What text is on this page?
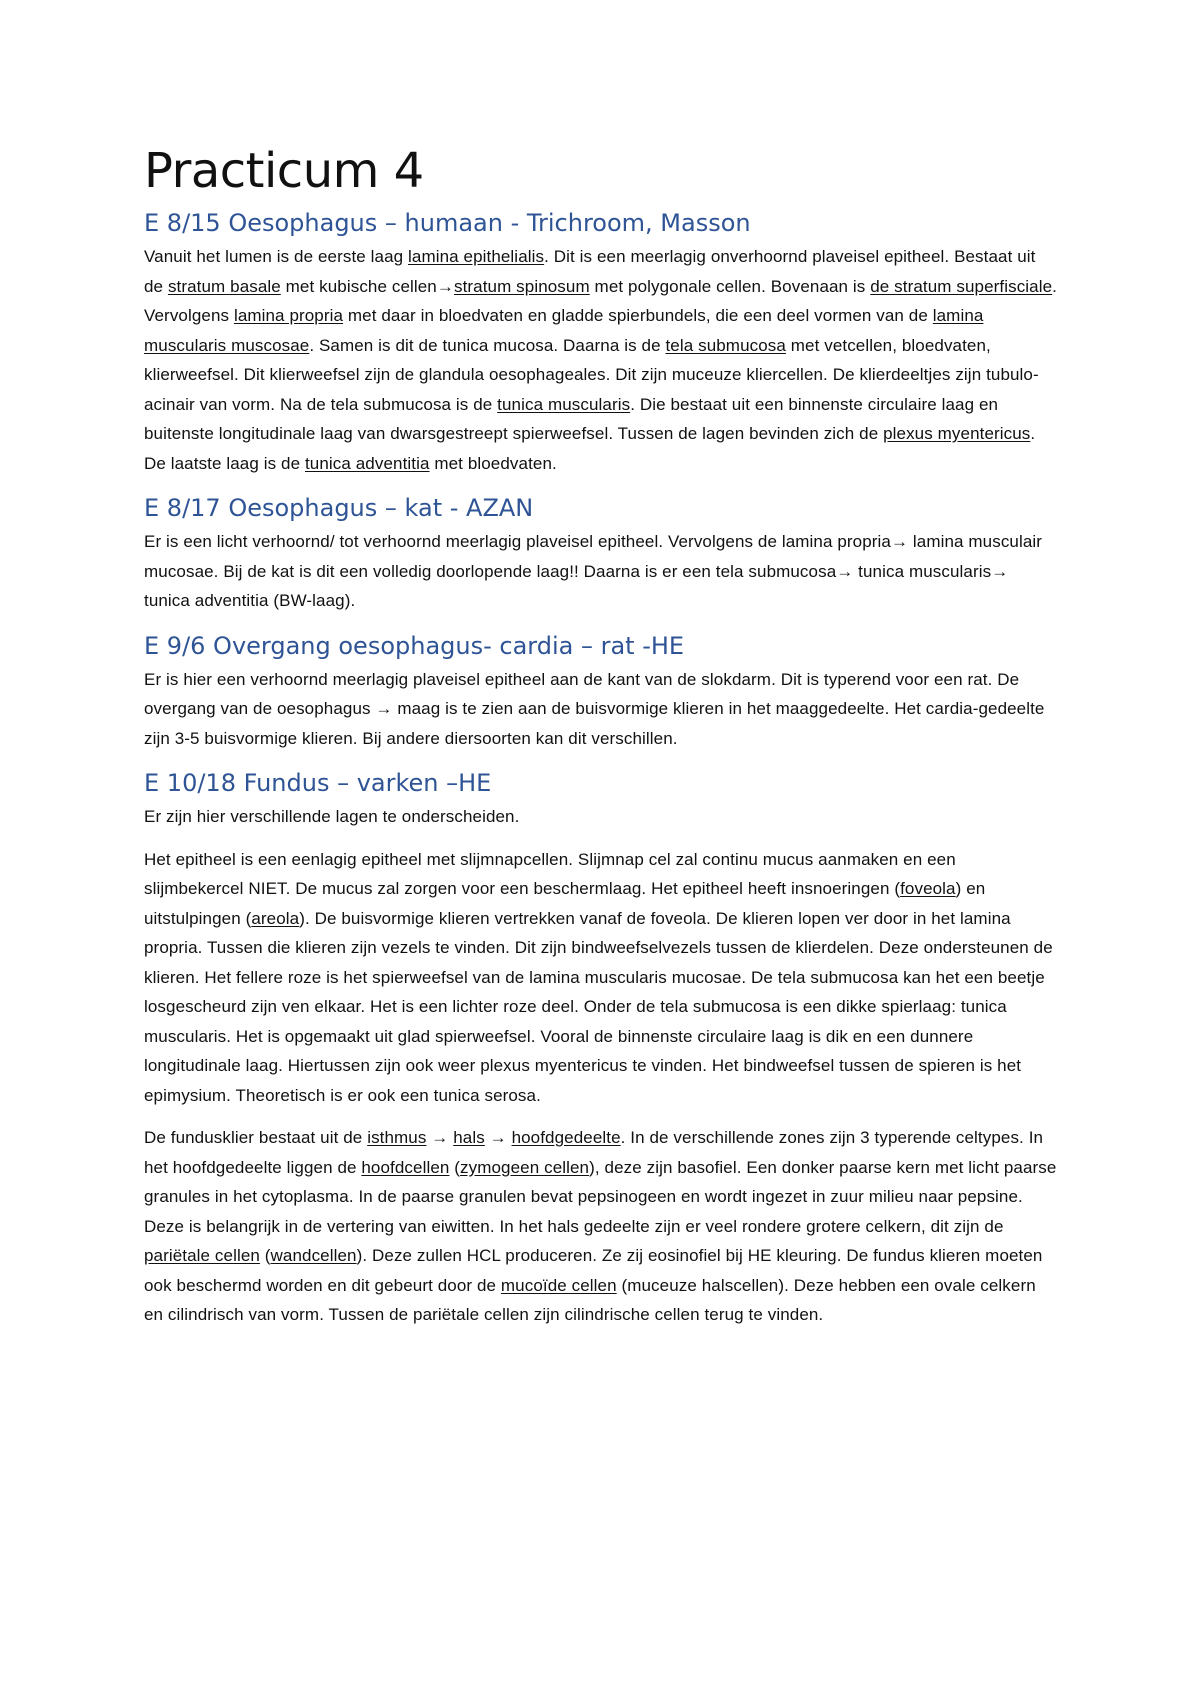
Practicum 4
E 8/15 Oesophagus – humaan - Trichroom, Masson

Vanuit het lumen is de eerste laag lamina epithelialis. Dit is een meerlagig onverhoornd plaveisel epitheel. Bestaat uit de stratum basale met kubische cellen→stratum spinosum met polygonale cellen. Bovenaan is de stratum superfisciale. Vervolgens lamina propria met daar in bloedvaten en gladde spierbundels, die een deel vormen van de lamina muscularis muscosae. Samen is dit de tunica mucosa. Daarna is de tela submucosa met vetcellen, bloedvaten, klierweefsel. Dit klierweefsel zijn de glandula oesophageales. Dit zijn muceuze kliercellen. De klierdeeltjes zijn tubulo-acinair van vorm. Na de tela submucosa is de tunica muscularis. Die bestaat uit een binnenste circulaire laag en buitenste longitudinale laag van dwarsgestreept spierweefsel. Tussen de lagen bevinden zich de plexus myentericus. De laatste laag is de tunica adventitia met bloedvaten.

E 8/17 Oesophagus – kat - AZAN

Er is een licht verhoornd/ tot verhoornd meerlagig plaveisel epitheel. Vervolgens de lamina propria→ lamina musculair mucosae. Bij de kat is dit een volledig doorlopende laag!! Daarna is er een tela submucosa→ tunica muscularis→ tunica adventitia (BW-laag).

E 9/6 Overgang oesophagus- cardia – rat -HE

Er is hier een verhoornd meerlagig plaveisel epitheel aan de kant van de slokdarm. Dit is typerend voor een rat. De overgang van de oesophagus → maag is te zien aan de buisvormige klieren in het maaggedeelte. Het cardia-gedeelte zijn 3-5 buisvormige klieren. Bij andere diersoorten kan dit verschillen.

E 10/18 Fundus – varken –HE

Er zijn hier verschillende lagen te onderscheiden.

Het epitheel is een eenlagig epitheel met slijmnapcellen. Slijmnap cel zal continu mucus aanmaken en een slijmbekercel NIET. De mucus zal zorgen voor een beschermlaag. Het epitheel heeft insnoeringen (foveola) en uitstulpingen (areola). De buisvormige klieren vertrekken vanaf de foveola. De klieren lopen ver door in het lamina propria. Tussen die klieren zijn vezels te vinden. Dit zijn bindweefselvezels tussen de klierdelen. Deze ondersteunen de klieren. Het fellere roze is het spierweefsel van de lamina muscularis mucosae. De tela submucosa kan het een beetje losgescheurd zijn ven elkaar. Het is een lichter roze deel. Onder de tela submucosa is een dikke spierlaag: tunica muscularis. Het is opgemaakt uit glad spierweefsel. Vooral de binnenste circulaire laag is dik en een dunnere longitudinale laag. Hiertussen zijn ook weer plexus myentericus te vinden. Het bindweefsel tussen de spieren is het epimysium. Theoretisch is er ook een tunica serosa.

De fundusklier bestaat uit de isthmus → hals → hoofdgedeelte. In de verschillende zones zijn 3 typerende celtypes. In het hoofdgedeelte liggen de hoofdcellen (zymogeen cellen), deze zijn basofiel. Een donker paarse kern met licht paarse granules in het cytoplasma. In de paarse granulen bevat pepsinogeen en wordt ingezet in zuur milieu naar pepsine. Deze is belangrijk in de vertering van eiwitten. In het hals gedeelte zijn er veel rondere grotere celkern, dit zijn de pariëtale cellen (wandcellen). Deze zullen HCL produceren. Ze zij eosinofiel bij HE kleuring. De fundus klieren moeten ook beschermd worden en dit gebeurt door de mucoïde cellen (muceuze halscellen). Deze hebben een ovale celkern en cilindrisch van vorm. Tussen de pariëtale cellen zijn cilindrische cellen terug te vinden.
